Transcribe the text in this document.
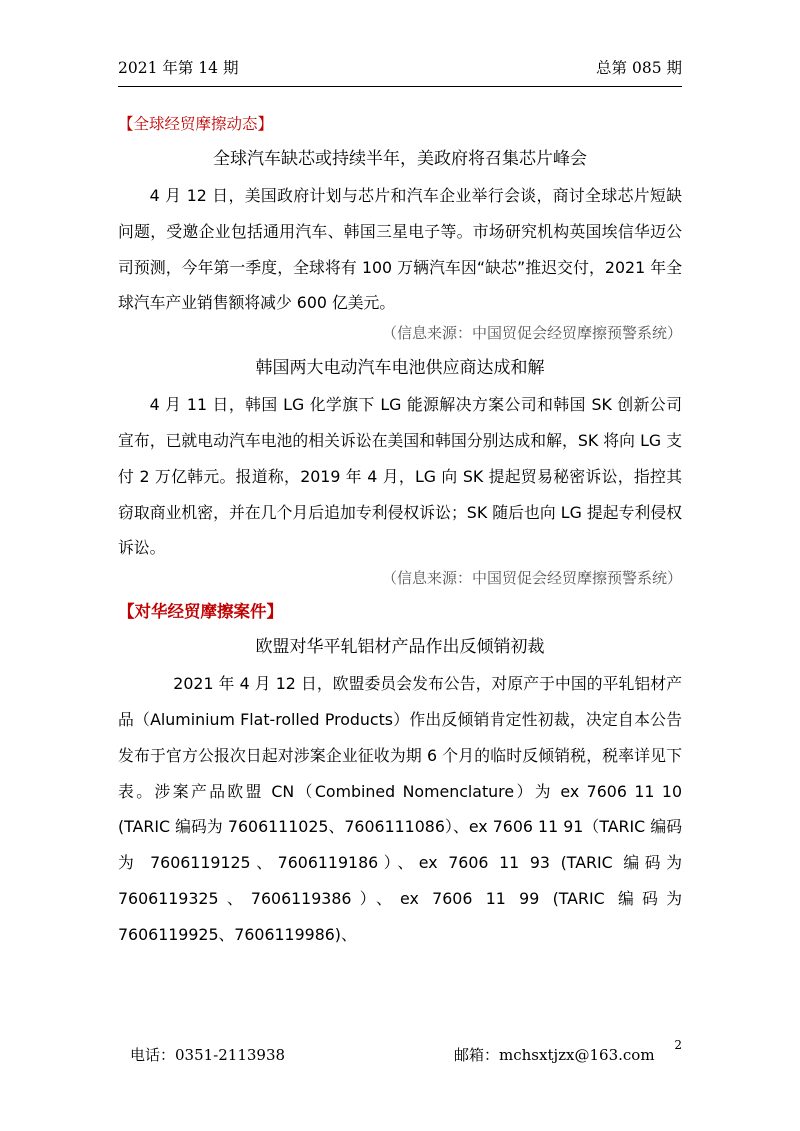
2021 年第 14 期	总第 085 期
【全球经贸摩擦动态】
全球汽车缺芯或持续半年，美政府将召集芯片峰会

4 月 12 日，美国政府计划与芯片和汽车企业举行会谈，商讨全球芯片短缺问题，受邀企业包括通用汽车、韩国三星电子等。市场研究机构英国埃信华迈公司预测，今年第一季度，全球将有 100 万辆汽车因“缺芯”推迟交付，2021 年全球汽车产业销售额将减少 600 亿美元。

（信息来源：中国贸促会经贸摩擦预警系统）
韩国两大电动汽车电池供应商达成和解

4 月 11 日，韩国 LG 化学旗下 LG 能源解决方案公司和韩国 SK 创新公司宣布，已就电动汽车电池的相关诉讼在美国和韩国分别达成和解，SK 将向 LG 支付 2 万亿韩元。报道称，2019 年 4 月，LG 向 SK 提起贸易秘密诉讼，指控其窃取商业机密，并在几个月后追加专利侵权诉讼；SK 随后也向 LG 提起专利侵权诉讼。

（信息来源：中国贸促会经贸摩擦预警系统）
【对华经贸摩擦案件】
欧盟对华平轧铝材产品作出反倾销初裁

2021 年 4 月 12 日，欧盟委员会发布公告，对原产于中国的平轧铝材产品（Aluminium Flat-rolled Products）作出反倾销肯定性初裁，决定自本公告发布于官方公报次日起对涉案企业征收为期 6 个月的临时反倾销税，税率详见下表。涉案产品欧盟 CN（Combined Nomenclature）为 ex 7606 11 10 (TARIC 编码为 7606111025、7606111086）、ex 7606 11 91（TARIC 编码为 7606119125、7606119186）、ex 7606 11 93 (TARIC 编码为 7606119325、7606119386）、ex 7606 11 99 (TARIC 编码为 7606119925、7606119986)、

电话：0351-2113938	邮箱：mchsxtjzx@163.com
2
